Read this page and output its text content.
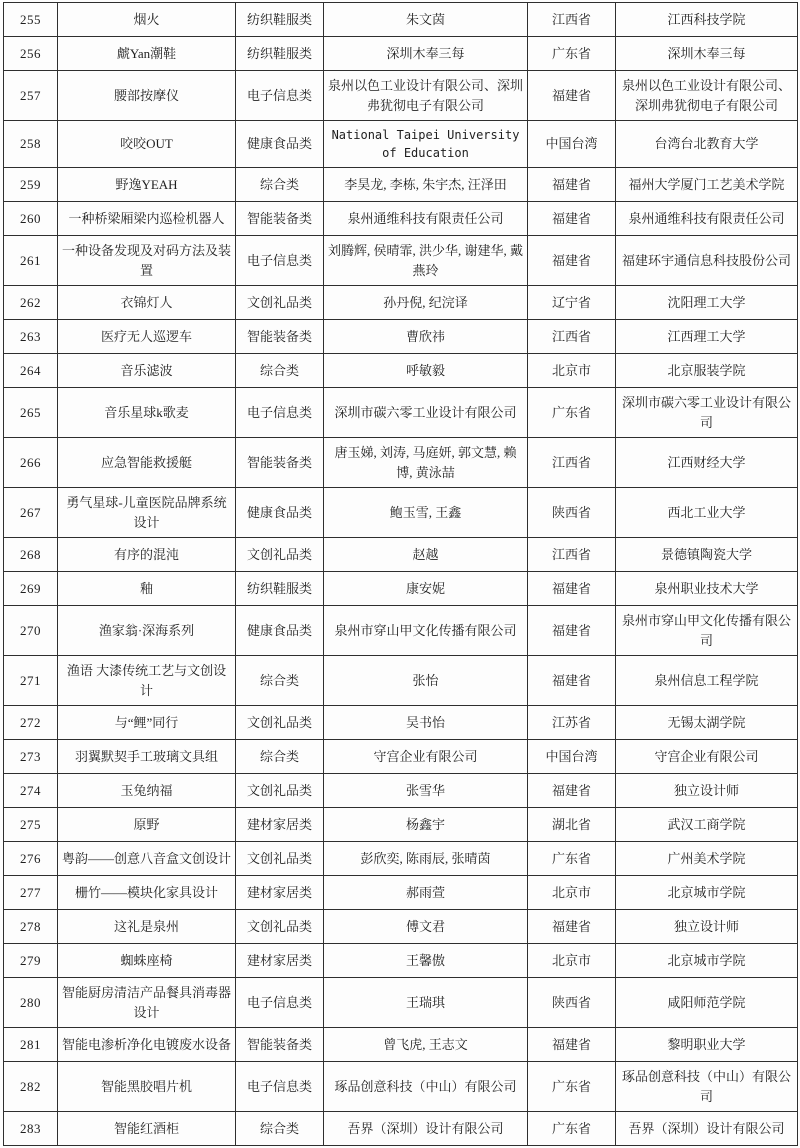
255	烟火	纺织鞋服类	朱文茵	江西省	江西科技学院
256	虤Yan潮鞋	纺织鞋服类	深圳木奉三每	广东省	深圳木奉三每
257	腰部按摩仪	电子信息类	泉州以色工业设计有限公司、深圳弗犹彻电子有限公司	福建省	泉州以色工业设计有限公司、深圳弗犹彻电子有限公司
258	咬咬OUT	健康食品类	National Taipei University of Education	中国台湾	台湾台北教育大学
259	野逸YEAH	综合类	李昊龙, 李栋, 朱宇杰, 汪泽田	福建省	福州大学厦门工艺美术学院
260	一种桥梁厢梁内巡检机器人	智能装备类	泉州通维科技有限责任公司	福建省	泉州通维科技有限责任公司
261	一种设备发现及对码方法及装置	电子信息类	刘腾辉, 侯晴霏, 洪少华, 谢建华, 戴燕玲	福建省	福建环宇通信息科技股份公司
262	衣锦灯人	文创礼品类	孙丹倪, 纪浣译	辽宁省	沈阳理工大学
263	医疗无人巡逻车	智能装备类	曹欣祎	江西省	江西理工大学
264	音乐滤波	综合类	呼敏毅	北京市	北京服装学院
265	音乐星球k歌麦	电子信息类	深圳市碳六零工业设计有限公司	广东省	深圳市碳六零工业设计有限公司
266	应急智能救援艇	智能装备类	唐玉娣, 刘涛, 马庭妍, 郭文慧, 赖博, 黄泳喆	江西省	江西财经大学
267	勇气星球-儿童医院品牌系统设计	健康食品类	鲍玉雪, 王鑫	陕西省	西北工业大学
268	有序的混沌	文创礼品类	赵越	江西省	景德镇陶瓷大学
269	釉	纺织鞋服类	康安妮	福建省	泉州职业技术大学
270	渔家翁·深海系列	健康食品类	泉州市穿山甲文化传播有限公司	福建省	泉州市穿山甲文化传播有限公司
271	渔语 大漆传统工艺与文创设计	综合类	张怡	福建省	泉州信息工程学院
272	与“鲤”同行	文创礼品类	吴书怡	江苏省	无锡太湖学院
273	羽翼默契手工玻璃文具组	综合类	守宫企业有限公司	中国台湾	守宫企业有限公司
274	玉兔纳福	文创礼品类	张雪华	福建省	独立设计师
275	原野	建材家居类	杨鑫宇	湖北省	武汉工商学院
276	粤韵——创意八音盒文创设计	文创礼品类	彭欣奕, 陈雨辰, 张晴茵	广东省	广州美术学院
277	栅竹——模块化家具设计	建材家居类	郝雨萱	北京市	北京城市学院
278	这礼是泉州	文创礼品类	傅文君	福建省	独立设计师
279	蜘蛛座椅	建材家居类	王馨傲	北京市	北京城市学院
280	智能厨房清洁产品餐具消毒器设计	电子信息类	王瑞琪	陕西省	咸阳师范学院
281	智能电渗析净化电镀废水设备	智能装备类	曾飞虎, 王志文	福建省	黎明职业大学
282	智能黑胶唱片机	电子信息类	琢品创意科技（中山）有限公司	广东省	琢品创意科技（中山）有限公司
283	智能红酒柜	综合类	吾界（深圳）设计有限公司	广东省	吾界（深圳）设计有限公司
